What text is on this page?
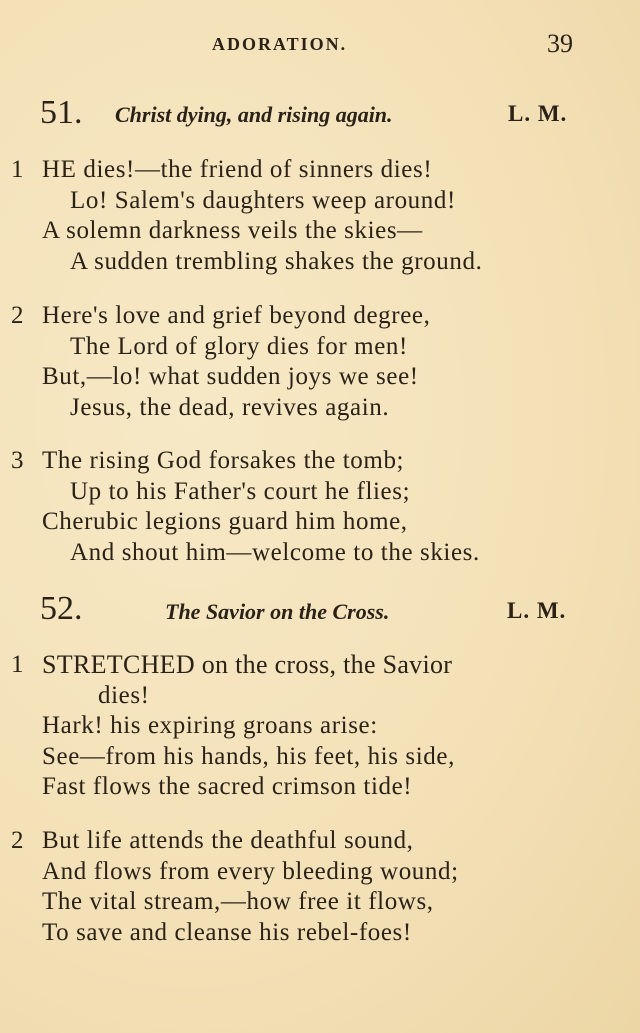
ADORATION.	39
51. Christ dying, and rising again.	L. M.
1 HE dies!—the friend of sinners dies!
Lo! Salem's daughters weep around!
A solemn darkness veils the skies—
A sudden trembling shakes the ground.
2 Here's love and grief beyond degree,
The Lord of glory dies for men!
But,—lo! what sudden joys we see!
Jesus, the dead, revives again.
3 The rising God forsakes the tomb;
Up to his Father's court he flies;
Cherubic legions guard him home,
And shout him—welcome to the skies.
52.	The Savior on the Cross.	L. M.
1 STRETCHED on the cross, the Savior
dies!
Hark! his expiring groans arise:
See—from his hands, his feet, his side,
Fast flows the sacred crimson tide!
2 But life attends the deathful sound,
And flows from every bleeding wound;
The vital stream,—how free it flows,
To save and cleanse his rebel-foes!
